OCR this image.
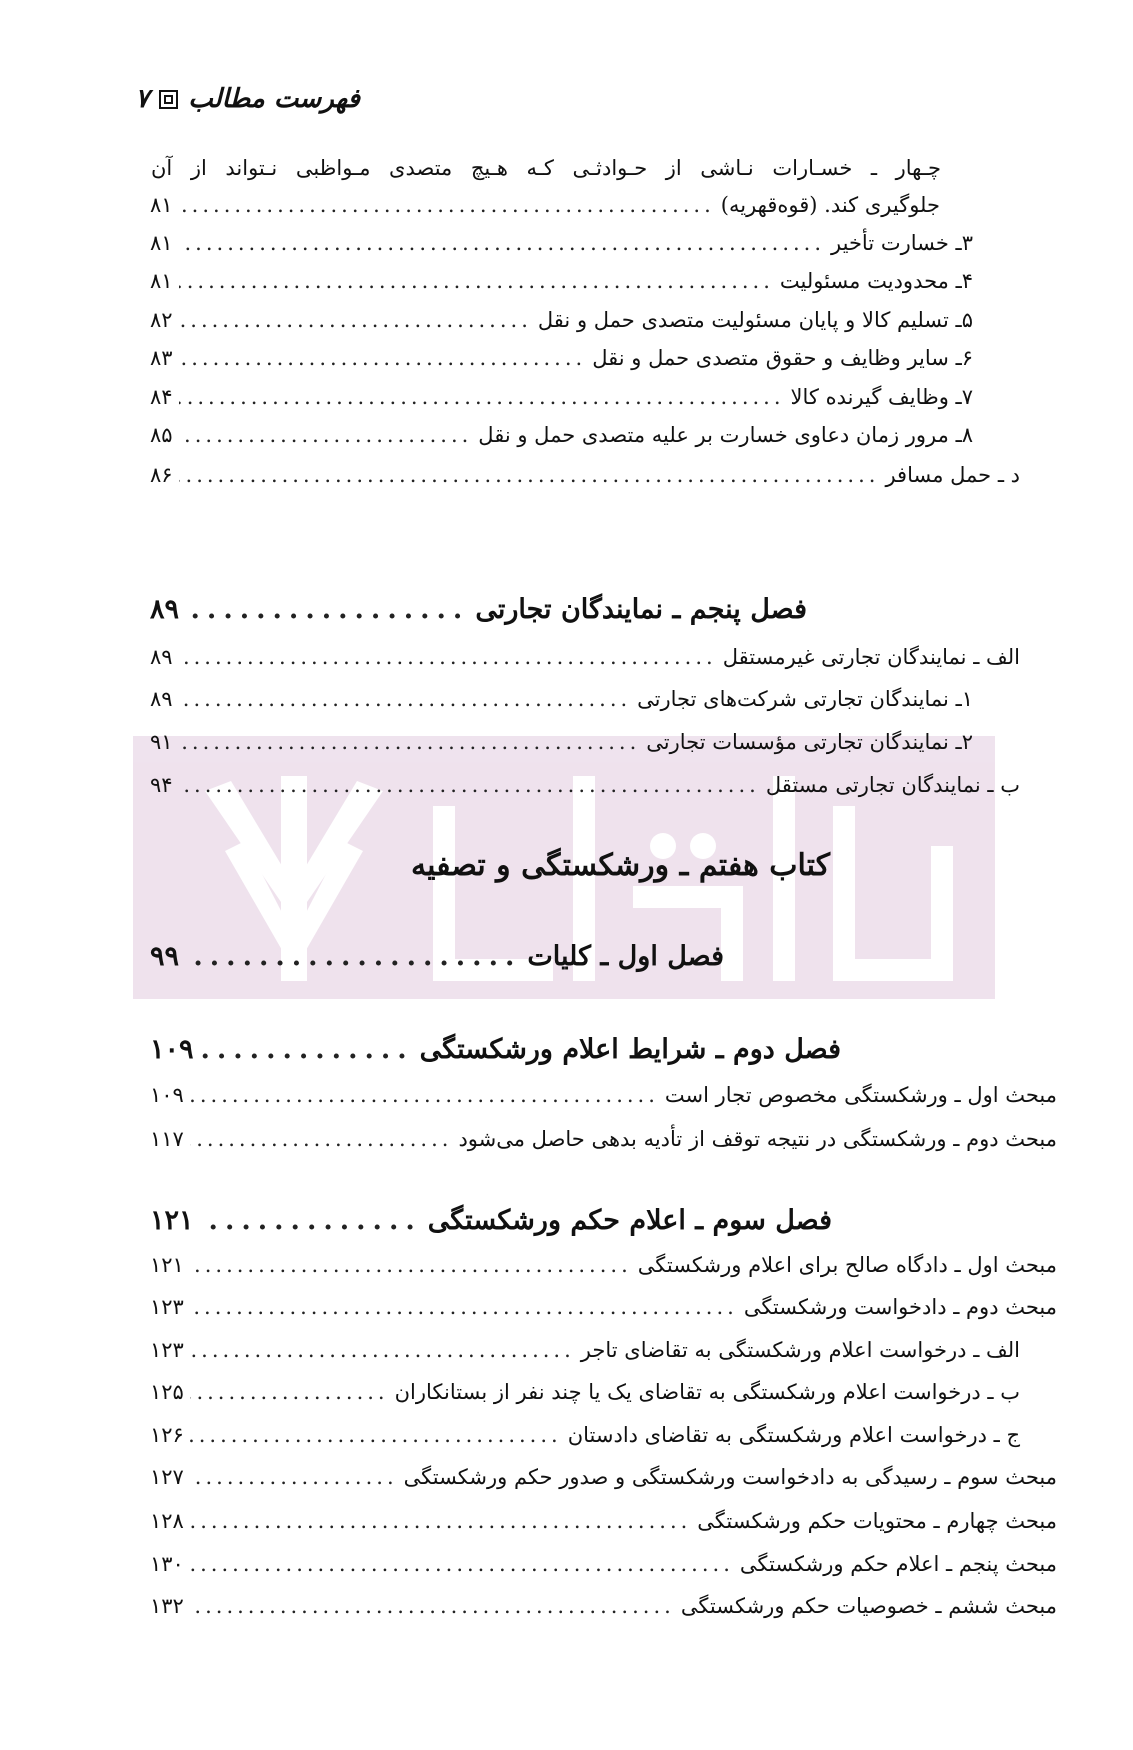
فهرست مطالب
۷
چـهار ـ خسـارات نـاشی از حـوادثـی کـه هـیچ متصدی مـواظبی نـتواند از آن
جلوگیری کند. (قوه‌قهریه)
.....
۸۱
۳ـ خسارت تأخیر
.....
۸۱
۴ـ محدودیت مسئولیت
.....
۸۱
۵ـ تسلیم کالا و پایان مسئولیت متصدی حمل و نقل
.....
۸۲
۶ـ سایر وظایف و حقوق متصدی حمل و نقل
.....
۸۳
۷ـ وظایف گیرنده کالا
.....
۸۴
۸ـ مرور زمان دعاوی خسارت بر علیه متصدی حمل و نقل
.....
۸۵
د ـ حمل مسافر
.....
۸۶
فصل پنجم ـ نمایندگان تجارتی
.....
۸۹
الف ـ نمایندگان تجارتی غیرمستقل
.....
۸۹
۱ـ نمایندگان تجارتی شرکت‌های تجارتی
.....
۸۹
۲ـ نمایندگان تجارتی مؤسسات تجارتی
.....
۹۱
ب ـ نمایندگان تجارتی مستقل
.....
۹۴
کتاب هفتم ـ ورشکستگی و تصفیه
فصل اول ـ کلیات
.....
۹۹
فصل دوم ـ شرایط اعلام ورشکستگی
.....
۱۰۹
مبحث اول ـ ورشکستگی مخصوص تجار است
.....
۱۰۹
مبحث دوم ـ ورشکستگی در نتیجه توقف از تأدیه بدهی حاصل می‌شود
.....
۱۱۷
فصل سوم ـ اعلام حکم ورشکستگی
.....
۱۲۱
مبحث اول ـ دادگاه صالح برای اعلام ورشکستگی
.....
۱۲۱
مبحث دوم ـ دادخواست ورشکستگی
.....
۱۲۳
الف ـ درخواست اعلام ورشکستگی به تقاضای تاجر
.....
۱۲۳
ب ـ درخواست اعلام ورشکستگی به تقاضای یک یا چند نفر از بستانکاران
.....
۱۲۵
ج ـ درخواست اعلام ورشکستگی به تقاضای دادستان
.....
۱۲۶
مبحث سوم ـ رسیدگی به دادخواست ورشکستگی و صدور حکم ورشکستگی
.....
۱۲۷
مبحث چهارم ـ محتویات حکم ورشکستگی
.....
۱۲۸
مبحث پنجم ـ اعلام حکم ورشکستگی
.....
۱۳۰
مبحث ششم ـ خصوصیات حکم ورشکستگی
.....
۱۳۲
